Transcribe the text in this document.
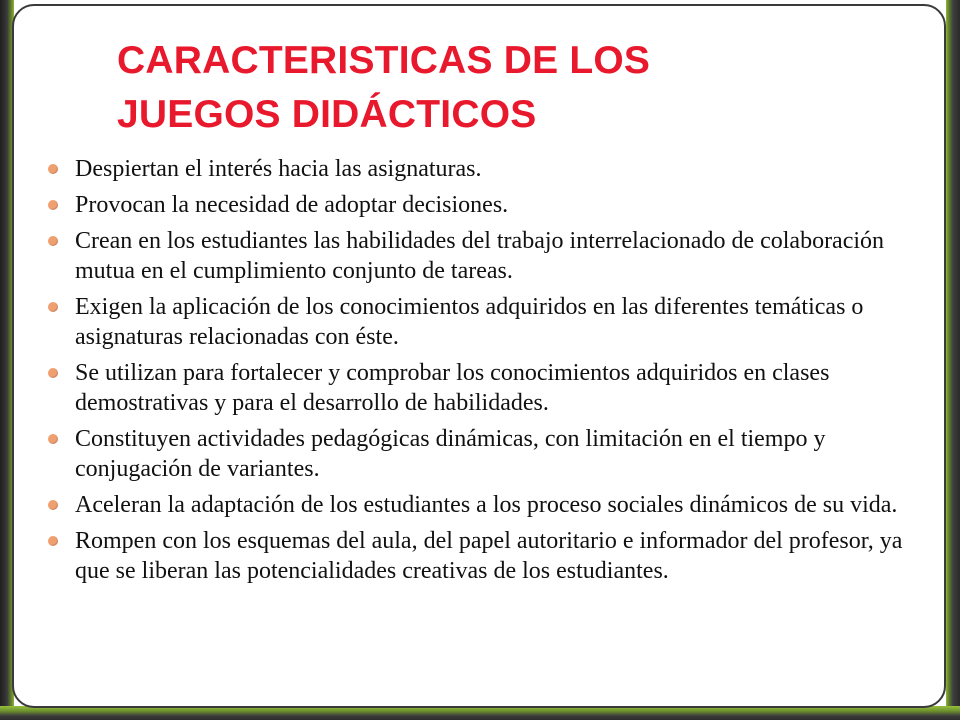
CARACTERISTICAS DE LOS
JUEGOS DIDÁCTICOS
Despiertan el interés hacia las asignaturas.
Provocan la necesidad de adoptar decisiones.
Crean en los estudiantes las habilidades del trabajo interrelacionado de colaboración mutua en el cumplimiento conjunto de tareas.
Exigen la aplicación de los conocimientos adquiridos en las diferentes temáticas o asignaturas relacionadas con éste.
Se utilizan para fortalecer y comprobar los conocimientos adquiridos en clases demostrativas y para el desarrollo de habilidades.
Constituyen actividades pedagógicas dinámicas, con limitación en el tiempo y conjugación de variantes.
Aceleran la adaptación de los estudiantes a los proceso sociales dinámicos de su vida.
Rompen con los esquemas del aula, del papel autoritario e informador del profesor, ya que se liberan las potencialidades creativas de los estudiantes.
